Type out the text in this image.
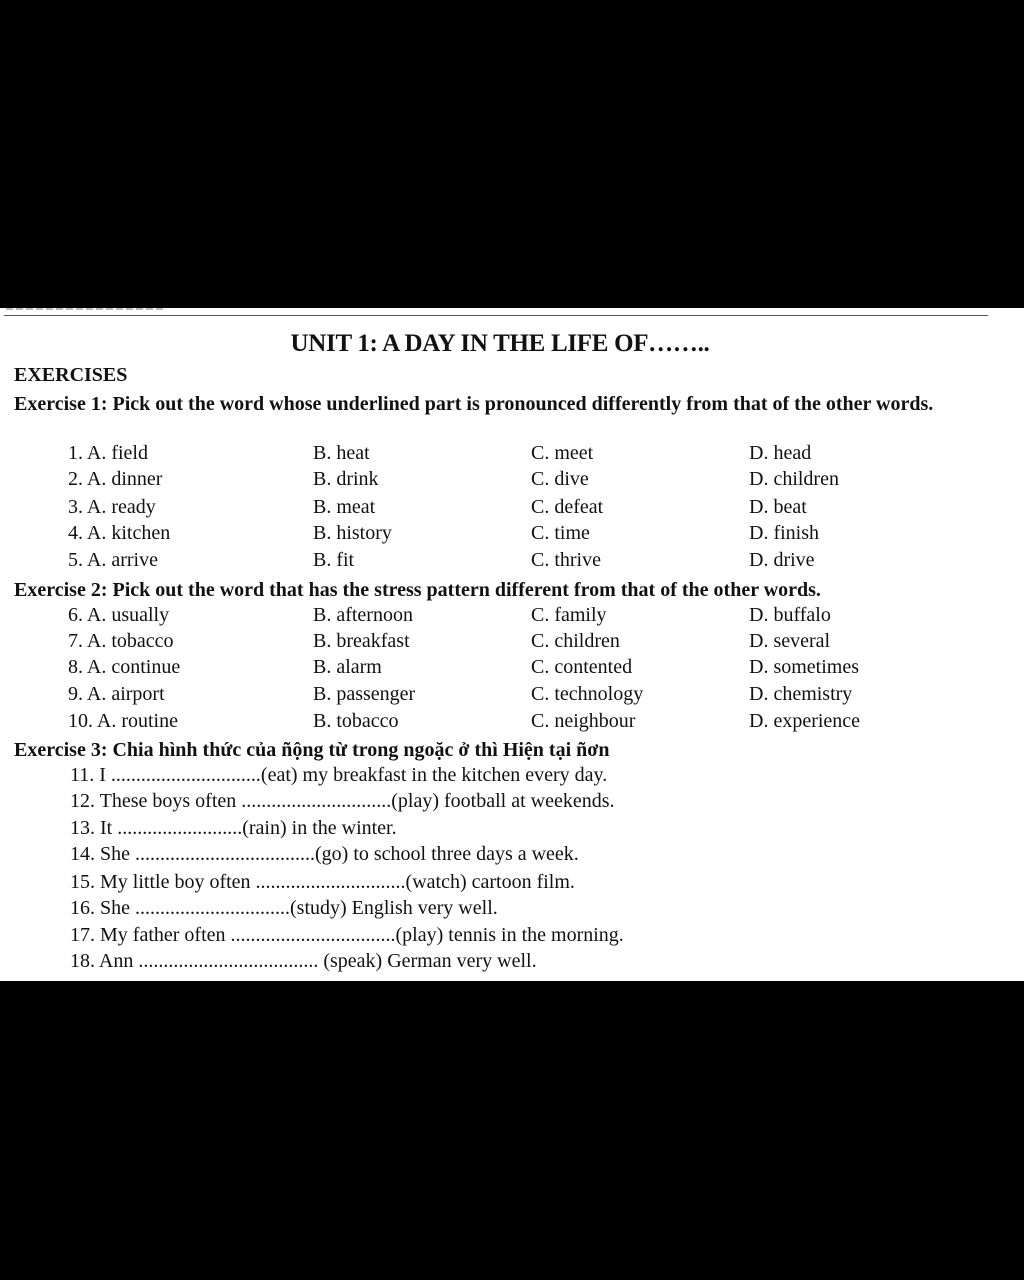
UNIT 1: A DAY IN THE LIFE OF……..
EXERCISES
Exercise 1: Pick out the word whose underlined part is pronounced differently from that of the other words.
1. A. field	B. heat	C. meet	D. head
2. A. dinner	B. drink	C. dive	D. children
3. A. ready	B. meat	C. defeat	D. beat
4. A. kitchen	B. history	C. time	D. finish
5. A. arrive	B. fit	C. thrive	D. drive
Exercise 2: Pick out the word that has the stress pattern different from that of the other words.
6. A. usually	B. afternoon	C. family	D. buffalo
7. A. tobacco	B. breakfast	C. children	D. several
8. A. continue	B. alarm	C. contented	D. sometimes
9. A. airport	B. passenger	C. technology	D. chemistry
10. A. routine	B. tobacco	C. neighbour	D. experience
Exercise 3: Chia hình thức của ñộng từ trong ngoặc ở thì Hiện tại ñơn
11. I ..............................(eat) my breakfast in the kitchen every day.
12. These boys often ..............................(play) football at weekends.
13. It .........................(rain) in the winter.
14. She ....................................(go) to school three days a week.
15. My little boy often ..............................(watch) cartoon film.
16. She ...............................(study) English very well.
17. My father often .................................(play) tennis in the morning.
18. Ann .................................... (speak) German very well.
